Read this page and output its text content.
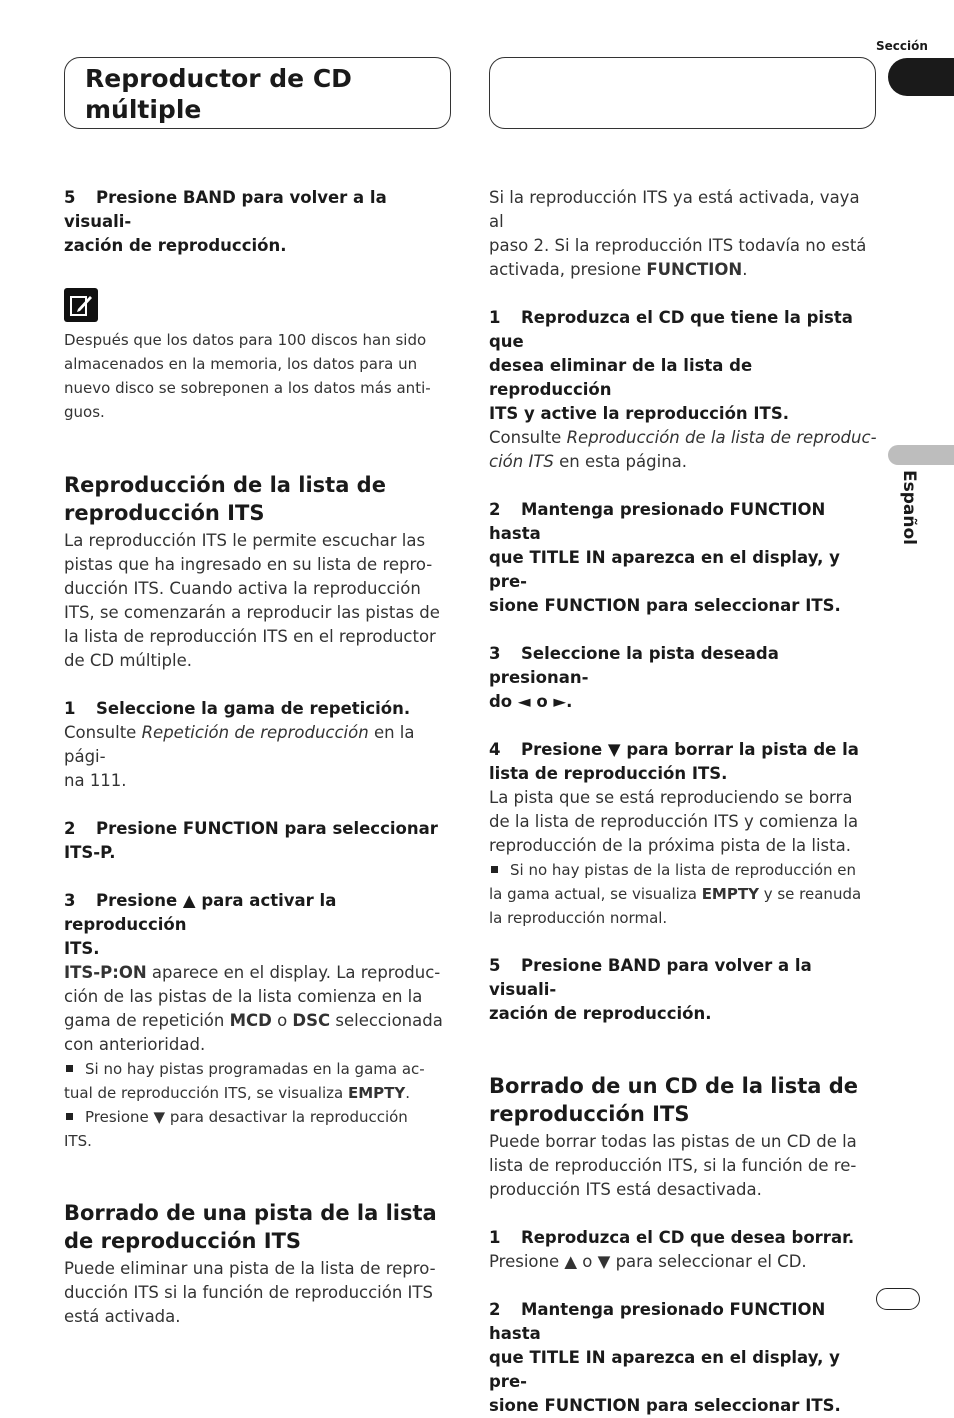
Reproductor de CD
múltiple

Sección
Español

5 Presione BAND para volver a la visuali-
zación de reproducción.

Después que los datos para 100 discos han sido
almacenados en la memoria, los datos para un
nuevo disco se sobreponen a los datos más anti-
guos.

Reproducción de la lista de
reproducción ITS

La reproducción ITS le permite escuchar las
pistas que ha ingresado en su lista de repro-
ducción ITS. Cuando activa la reproducción
ITS, se comenzarán a reproducir las pistas de
la lista de reproducción ITS en el reproductor
de CD múltiple.

1 Seleccione la gama de repetición.

Consulte Repetición de reproducción en la pági-
na 111.

2 Presione FUNCTION para seleccionar
ITS-P.

3 Presione ▲ para activar la reproducción
ITS.

ITS-P:ON aparece en el display. La reproduc-
ción de las pistas de la lista comienza en la
gama de repetición MCD o DSC seleccionada
con anterioridad.

Si no hay pistas programadas en la gama ac-
tual de reproducción ITS, se visualiza EMPTY.

Presione ▼ para desactivar la reproducción
ITS.

Borrado de una pista de la lista
de reproducción ITS

Puede eliminar una pista de la lista de repro-
ducción ITS si la función de reproducción ITS
está activada.

Si la reproducción ITS ya está activada, vaya al
paso 2. Si la reproducción ITS todavía no está
activada, presione FUNCTION.

1 Reproduzca el CD que tiene la pista que
desea eliminar de la lista de reproducción
ITS y active la reproducción ITS.

Consulte Reproducción de la lista de reproduc-
ción ITS en esta página.

2 Mantenga presionado FUNCTION hasta
que TITLE IN aparezca en el display, y pre-
sione FUNCTION para seleccionar ITS.

3 Seleccione la pista deseada presionan-
do ◄ o ►.

4 Presione ▼ para borrar la pista de la
lista de reproducción ITS.

La pista que se está reproduciendo se borra
de la lista de reproducción ITS y comienza la
reproducción de la próxima pista de la lista.

Si no hay pistas de la lista de reproducción en
la gama actual, se visualiza EMPTY y se reanuda
la reproducción normal.

5 Presione BAND para volver a la visuali-
zación de reproducción.

Borrado de un CD de la lista de
reproducción ITS

Puede borrar todas las pistas de un CD de la
lista de reproducción ITS, si la función de re-
producción ITS está desactivada.

1 Reproduzca el CD que desea borrar.

Presione ▲ o ▼ para seleccionar el CD.

2 Mantenga presionado FUNCTION hasta
que TITLE IN aparezca en el display, y pre-
sione FUNCTION para seleccionar ITS.
